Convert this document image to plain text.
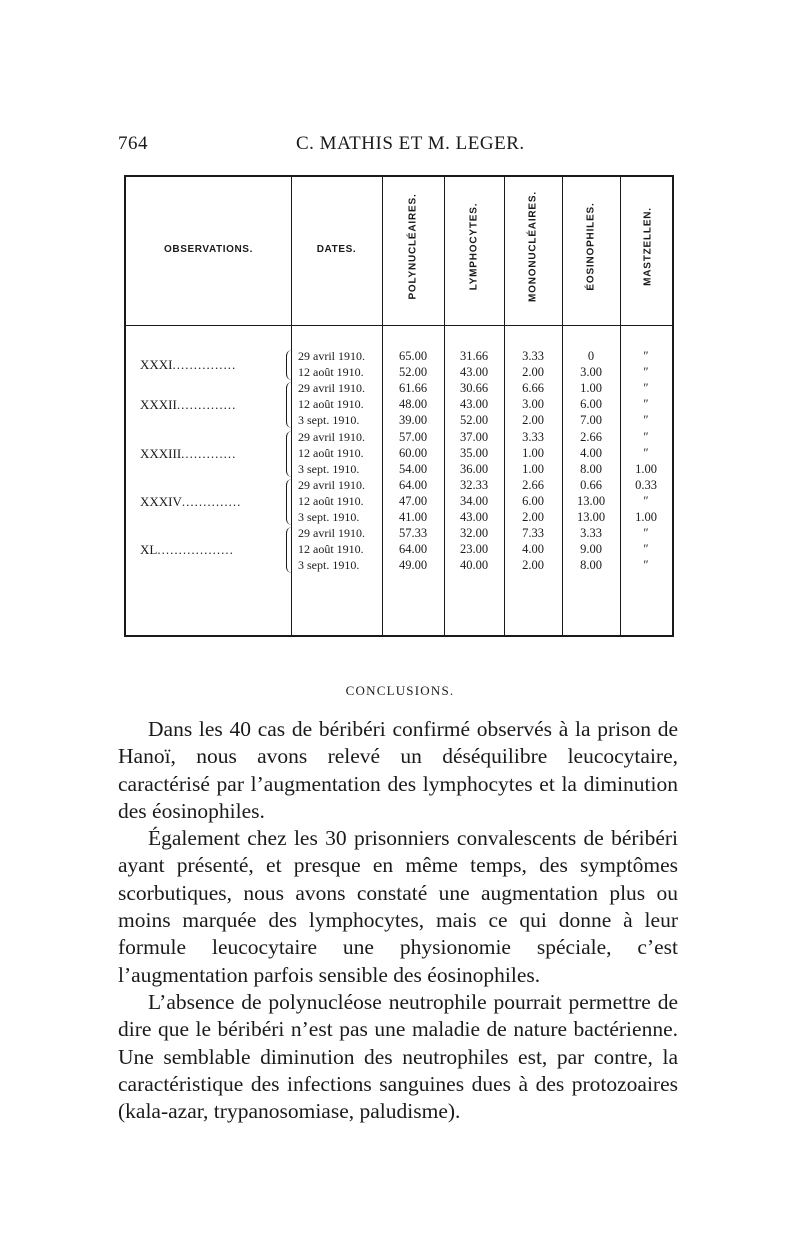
764	C. MATHIS ET M. LEGER.
OBSERVATIONS.	DATES.	POLYNUCLÉAIRES.	LYMPHOCYTES.	MONONUCLÉAIRES.	ÉOSINOPHILES.	MASTZELLEN.
XXXI...............
29 avril 1910.	65.00	31.66	3.33	0	″
12 août 1910.	52.00	43.00	2.00	3.00	″
XXXII..............
29 avril 1910.	61.66	30.66	6.66	1.00	″
12 août 1910.	48.00	43.00	3.00	6.00	″
3 sept. 1910.	39.00	52.00	2.00	7.00	″
XXXIII.............
29 avril 1910.	57.00	37.00	3.33	2.66	″
12 août 1910.	60.00	35.00	1.00	4.00	″
3 sept. 1910.	54.00	36.00	1.00	8.00	1.00
XXXIV..............
29 avril 1910.	64.00	32.33	2.66	0.66	0.33
12 août 1910.	47.00	34.00	6.00	13.00	″
3 sept. 1910.	41.00	43.00	2.00	13.00	1.00
XL..................
29 avril 1910.	57.33	32.00	7.33	3.33	″
12 août 1910.	64.00	23.00	4.00	9.00	″
3 sept. 1910.	49.00	40.00	2.00	8.00	″
CONCLUSIONS.

Dans les 40 cas de béribéri confirmé observés à la prison de Hanoï, nous avons relevé un déséquilibre leucocytaire, caractérisé par l’augmentation des lymphocytes et la diminution des éosinophiles.

Également chez les 30 prisonniers convalescents de béribéri ayant présenté, et presque en même temps, des symptômes scorbutiques, nous avons constaté une augmentation plus ou moins marquée des lymphocytes, mais ce qui donne à leur formule leucocytaire une physionomie spéciale, c’est l’augmentation parfois sensible des éosinophiles.

L’absence de polynucléose neutrophile pourrait permettre de dire que le béribéri n’est pas une maladie de nature bactérienne. Une semblable diminution des neutrophiles est, par contre, la caractéristique des infections sanguines dues à des protozoaires (kala-azar, trypanosomiase, paludisme).
